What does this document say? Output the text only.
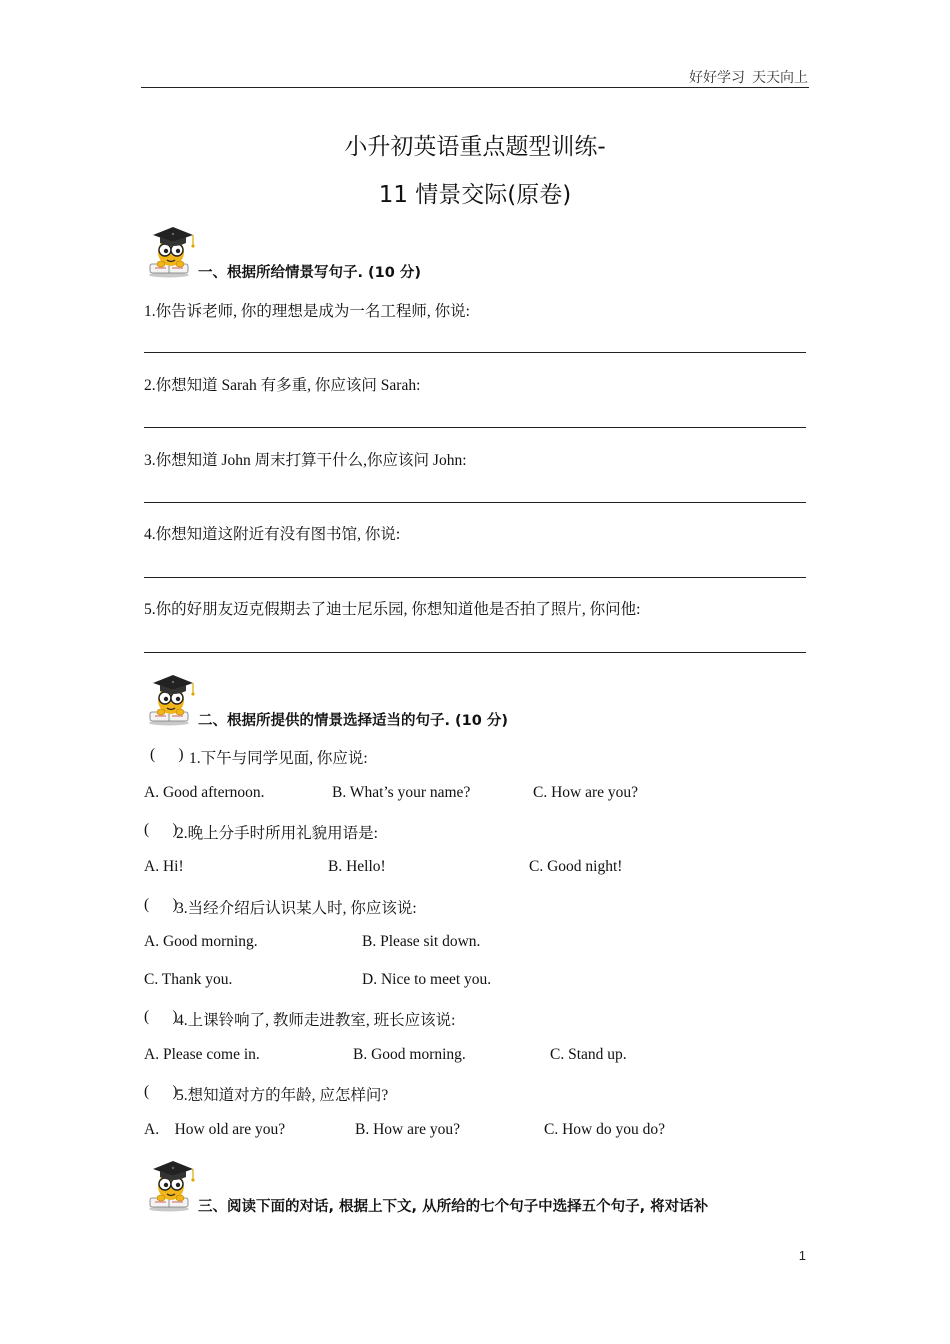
好好学习  天天向上
小升初英语重点题型训练-
11 情景交际(原卷)
一、根据所给情景写句子. (10 分)
1.你告诉老师, 你的理想是成为一名工程师, 你说:
2.你想知道 Sarah 有多重, 你应该问 Sarah:
3.你想知道 John 周末打算干什么,你应该问 John:
4.你想知道这附近有没有图书馆, 你说:
5.你的好朋友迈克假期去了迪士尼乐园, 你想知道他是否拍了照片, 你问他:
二、根据所提供的情景选择适当的句子. (10 分)
(      ) 1.下午与同学见面, 你应说:
A. Good afternoon.	B. What’s your name?	C. How are you?
(      )
2.晚上分手时所用礼貌用语是:
A. Hi!	B. Hello!	C. Good night!
(      )
3.当经介绍后认识某人时, 你应该说:
A. Good morning.	B. Please sit down.
C. Thank you.	D. Nice to meet you.
(      )
4.上课铃响了, 教师走进教室, 班长应该说:
A. Please come in.	B. Good morning.	C. Stand up.
(      )
5.想知道对方的年龄, 应怎样问?
A.    How old are you?	B. How are you?	C. How do you do?
三、阅读下面的对话, 根据上下文, 从所给的七个句子中选择五个句子, 将对话补
1
